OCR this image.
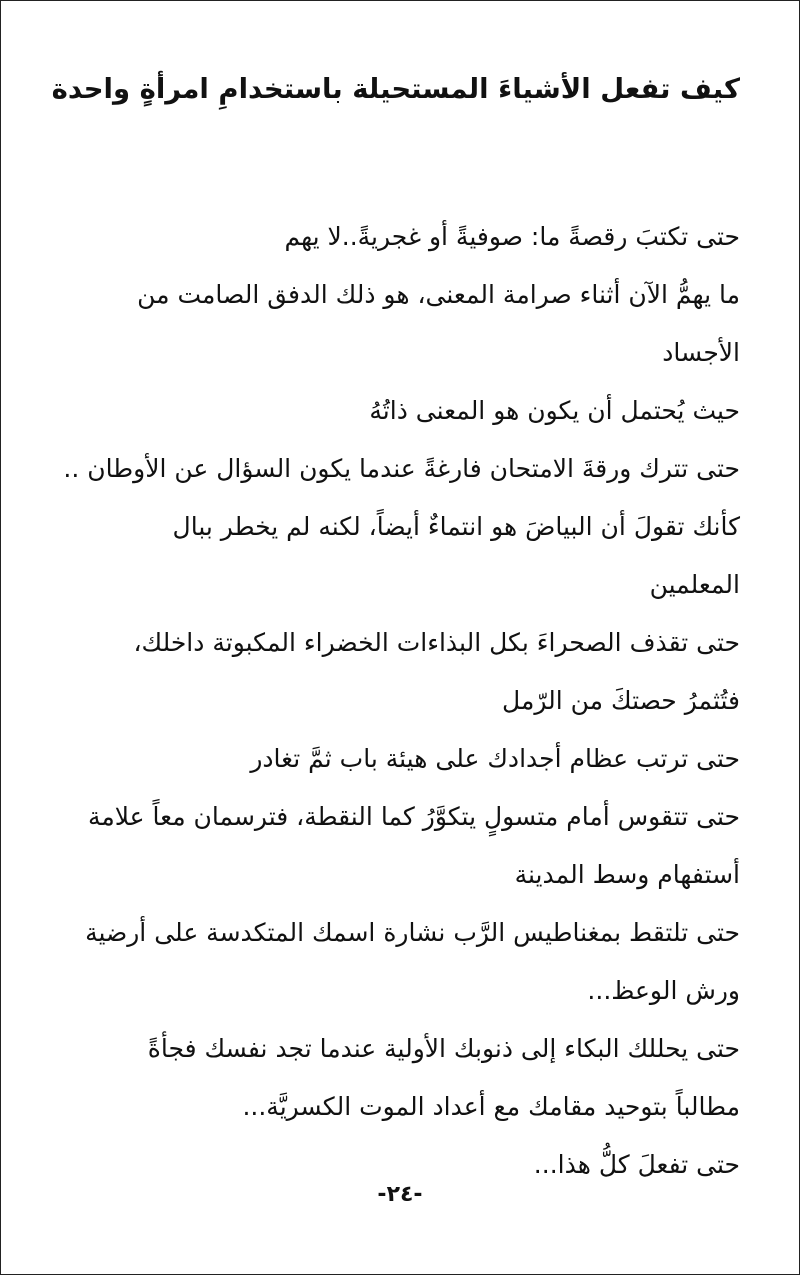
كيف تفعل الأشياءَ المستحيلة باستخدامِ امرأةٍ واحدة
حتى تكتبَ رقصةً ما: صوفيةً أو غجريةً..لا يهم
ما يهمُّ الآن أثناء صرامة المعنى، هو ذلك الدفق الصامت من
الأجساد
حيث يُحتمل أن يكون هو المعنى ذاتُهُ
حتى تترك ورقةَ الامتحان فارغةً عندما يكون السؤال عن الأوطان ..
كأنك تقولَ أن البياضَ هو انتماءٌ أيضاً، لكنه لم يخطر ببال
المعلمين
حتى تقذف الصحراءَ بكل البذاءات الخضراء المكبوتة داخلك،
فتُثمرُ حصتكَ من الرّمل
حتى ترتب عظام أجدادك على هيئة باب ثمَّ تغادر
حتى تتقوس أمام متسولٍ يتكوَّرُ كما النقطة، فترسمان معاً علامة
أستفهام وسط المدينة
حتى تلتقط بمغناطيس الرَّب نشارة اسمك المتكدسة على أرضية
ورش الوعظ...
حتى يحللك البكاء إلى ذنوبك الأولية عندما تجد نفسك فجأةً
مطالباً بتوحيد مقامك مع أعداد الموت الكسريَّة...
حتى تفعلَ كلُّ هذا...
-٢٤-
